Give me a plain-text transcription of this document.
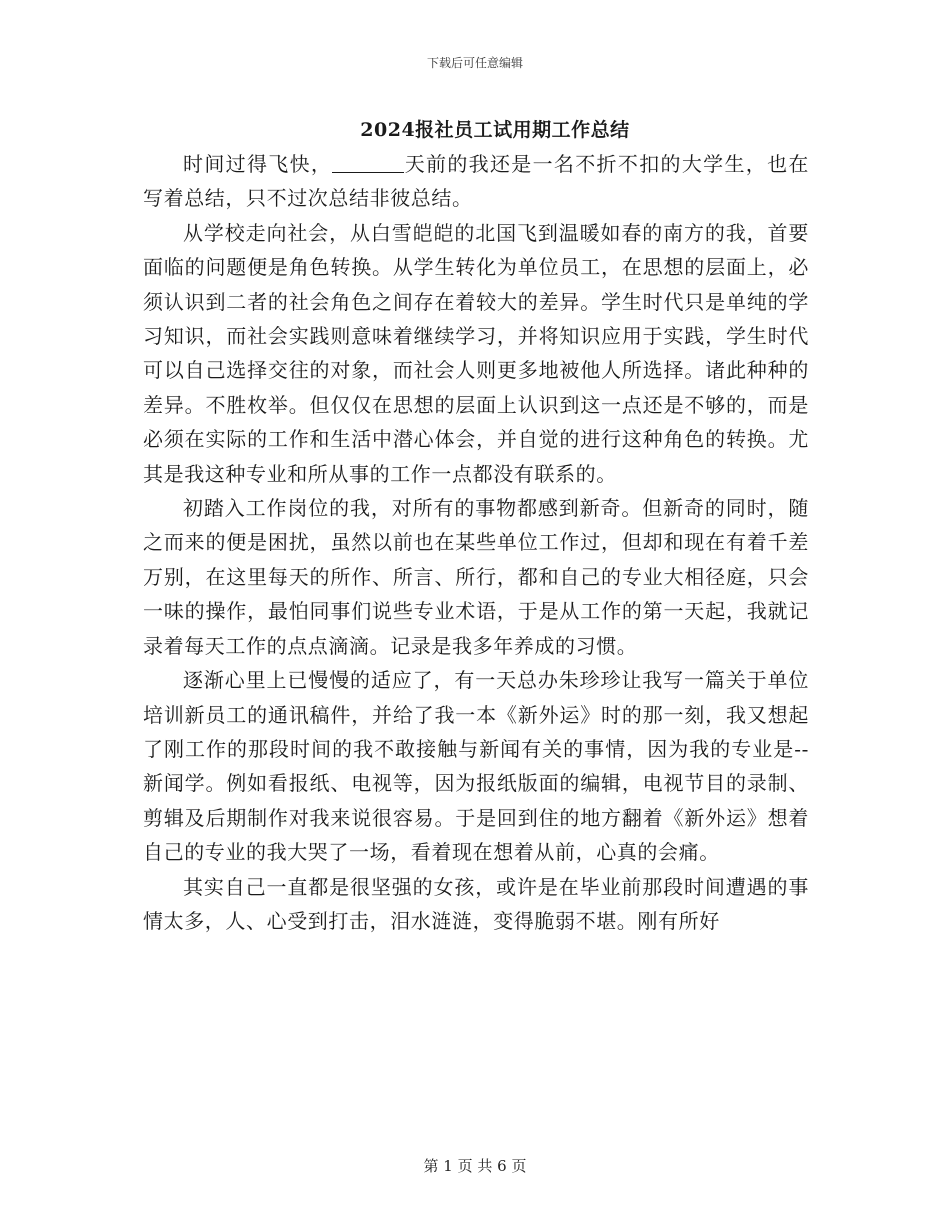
下载后可任意编辑
2024报社员工试用期工作总结

时间过得飞快，	天前的我还是一名不折不扣的大学生，也在写着总结，只不过次总结非彼总结。

从学校走向社会，从白雪皑皑的北国飞到温暖如春的南方的我，首要面临的问题便是角色转换。从学生转化为单位员工，在思想的层面上，必须认识到二者的社会角色之间存在着较大的差异。学生时代只是单纯的学习知识，而社会实践则意味着继续学习，并将知识应用于实践，学生时代可以自己选择交往的对象，而社会人则更多地被他人所选择。诸此种种的差异。不胜枚举。但仅仅在思想的层面上认识到这一点还是不够的，而是必须在实际的工作和生活中潜心体会，并自觉的进行这种角色的转换。尤其是我这种专业和所从事的工作一点都没有联系的。

初踏入工作岗位的我，对所有的事物都感到新奇。但新奇的同时，随之而来的便是困扰，虽然以前也在某些单位工作过，但却和现在有着千差万别，在这里每天的所作、所言、所行，都和自己的专业大相径庭，只会一味的操作，最怕同事们说些专业术语，于是从工作的第一天起，我就记录着每天工作的点点滴滴。记录是我多年养成的习惯。

逐渐心里上已慢慢的适应了，有一天总办朱珍珍让我写一篇关于单位培训新员工的通讯稿件，并给了我一本《新外运》时的那一刻，我又想起了刚工作的那段时间的我不敢接触与新闻有关的事情，因为我的专业是--新闻学。例如看报纸、电视等，因为报纸版面的编辑，电视节目的录制、剪辑及后期制作对我来说很容易。于是回到住的地方翻着《新外运》想着自己的专业的我大哭了一场，看着现在想着从前，心真的会痛。

其实自己一直都是很坚强的女孩，或许是在毕业前那段时间遭遇的事情太多，人、心受到打击，泪水涟涟，变得脆弱不堪。刚有所好

第 1 页 共 6 页
